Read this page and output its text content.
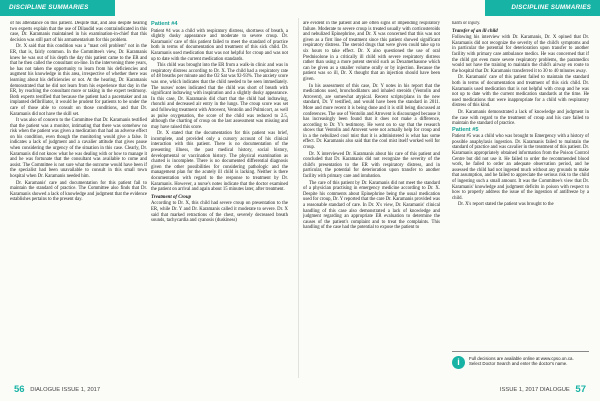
DISCIPLINE SUMMARIES	DISCIPLINE SUMMARIES

of his attendance on this patient. Despite that, and also despite hearing two experts explain that the use of Dilaudid was contraindicated in this case, Dr. Karamanis maintained in his examination-in-chief that this decision was still part of his armamentarium for this problem.

Dr. X said that this condition was a "mast cell problem" not in the ER, that is, fairly common. In the Committee's view, Dr. Karamanis knew he was out of his depth the day this patient came to the ER and that he then called the consultant on-line. In the intervening three years, he has not taken the opportunity to learn from his deficiencies and augment his knowledge in this area, irrespective of whether there was learning about his deficiencies or not. At the hearing, Dr. Karamanis demonstrated that he did not learn from his experience that day in the ER, by reaching the consultant more or taking in the expert testimony. Both experts testified that because the patient had a pacemaker and an implanted defibrillator, it would be prudent for patients to be under the care of those able to consult on those conditions, and that Dr. Karamanis did not have the skill set.

It was also of concern to the Committee that Dr. Karamanis testified that the patient was a monitor, intimating that there was somehow no risk when the patient was given a medication that had an adverse effect on his condition, even though the monitoring would give a false. It indicates a lack of judgment and a cavalier attitude that gives pause when considering the urgency of the situation in this case. Clearly, Dr. Karamanis did not know what he was dealing with or how to manage it and he was fortunate that the consultant was available to come and assist. The Committee is not sure what the outcome would have been if the specialist had been unavailable to consult in this small town hospital when Dr. Karamanis needed him.

Dr. Karamanis' care and documentation for this patient fail to maintain the standard of practice. The Committee also finds that Dr. Karamanis showed a lack of knowledge and judgment that the evidence establishes pertains to the present day.

Patient #4

Patient #4 was a child with respiratory distress, shortness of breath, a slightly dusky appearance and moderate to severe croup. Dr. Karamanis' care of this patient failed to meet the standard of practice both in terms of documentation and treatment of this sick child. Dr. Karamanis used medication that was not helpful for croup and was not up to date with the current medication standards.

This child was brought into the ER from a walk-in clinic and was in respiratory distress according to Dr. X. The child had a respiratory rate of 48 breaths per minute and the O2 Sat was 92-93%. The anxiety score was one, which indicates that the child needed to be seen immediately. The nurses' notes indicated that the child was short of breath with significant indrawing with inspiration and a slightly dusky appearance. In this case, Dr. Karamanis did chart that the child had indrawing, rhonchi and decreased air entry in the lungs. The croup score was set and following treatment with Atrovent, Ventolin and Pulmicort, as well as pulse oxygenation, the score of the child was reduced to 2.5, although the charting of croup on the last assessment was missing and may have raised this score.

Dr. X stated that the documentation for this patient was brief, incomplete, and provided only a cursory account of his clinical interaction with this patient. There is no documentation of the presenting illness, the past medical history, social history, developmental or vaccination history. The physical examination as charted is incomplete. There is no documented differential diagnosis given the other possibilities for considering pathologic and the management plan for the acutely ill child is lacking. Neither is there documentation with regard to the response to treatment by Dr. Karamanis. However, a nurse's notes indicate that the doctor examined the patient on arrival and again about 15 minutes later, after treatment.

Treatment of Croup

According to Dr. X, this child had severe croup on presentation to the ER, while Dr. Y and Dr. Karamanis called it moderate to severe. Dr. X said that marked retractions of the chest, severely decreased breath sounds, tachycardia and cyanosis (duskiness)

are evident in the patient and are often signs of impending respiratory failure. Moderate to severe croup is treated usually with corticosteroids and nebulized Epinephrine, and Dr. X was concerned that this was not given as a first line of treatment since this patient showed significant respiratory distress. The steroid drugs that were given could take up to six hours to take effect. Dr. X also questioned the use of oral Prednisolone in a critically ill child with severe respiratory distress rather than using a more potent steroid such as Dexamethasone which can be given as a smaller volume orally or by injection. Because the patient was so ill, Dr. X thought that an injection should have been given.

In his assessment of this case, Dr. Y notes in his report that the medications used, bronchodilators and inhaled steroids (Ventolin and Atrovent), are somewhat atypical. Recent scripts/plans in the new standard, Dr. Y testified, and would have been the standard in 2011. More and more recent it is being done and it is still being discussed at conferences. The use of Ventolin and Atrovent is discouraged because it has increasingly been found that it does not make a difference, according to Dr. Y's testimony. He went on to say that the research shows that Ventolin and Atrovent were not actually help for croup and in a the nebulized cool mist that it is administered is what has some effect. Dr. Karamanis also said that the cool mist itself worked well for croup.

Dr. X interviewed Dr. Karamanis about his care of this patient and concluded that Dr. Karamanis did not recognize the severity of the child's presentation to the ER with respiratory distress, and in particular, the potential for deterioration upon transfer to another facility with primary care and intubation.

The care of this patient by Dr. Karamanis did not meet the standard of a physician practising in emergency medicine according to Dr. X. Despite his comments about Epinephrine being the usual medication used for croup, Dr. Y reported that the care Dr. Karamanis provided was a reasonable standard of care. In Dr. X's view, Dr. Karamanis' clinical handling of this case also demonstrated a lack of knowledge and judgment regarding an appropriate ER evaluation to determine the causes of the patient's complaint and to treat the complaints. This handling of the case had the potential to expose the patient to

harm or injury.

Transfer of an ill child

Following his interview with Dr. Karamanis, Dr. X opined that Dr. Karamanis did not recognize the severity of the child's symptoms and in particular the potential for deterioration upon transfer to another facility with primary care ambulance medics. He was concerned that if the child got even more severe respiratory problems, the paramedics would not have the training to maintain the child's airway en route to the hospital that Dr. Karamanis transferred it to 30 to 40 minutes away.

Dr. Karamanis' care of this patient failed to maintain the standard both in terms of documentation and treatment of this sick child. Dr. Karamanis used medication that is not helpful with croup and he was not up to date with the current medication standards at the time. He used medications that were inappropriate for a child with respiratory distress of this kind.

Dr. Karamanis demonstrated a lack of knowledge and judgment in the case with regard to the treatment of croup and his care failed to maintain the standard of practice.

Patient #5

Patient #5 was a child who was brought to Emergency with a history of possible anaphylaxis ingestion. Dr. Karamanis failed to maintain the standard of practice and was cavalier in the treatment of this patient. Dr. Karamanis appropriately obtained information from the Poison Control Centre but did not use it. He failed to order the recommended blood work, he failed to order an adequate observation period, and he assessed the child had not ingested much without any grounds to make that assumption, and he failed to appreciate the serious risk to the child of ingesting such a small amount. It was the Committee's view that Dr. Karamanis' knowledge and judgment deficits in poison with respect to how to properly address the issue of the ingestion of antifreeze by a child.

Dr. X's report stated the patient was brought to the

i	Full decisions are available online at www.cpso.on.ca. Select Doctor Search and enter the doctor's name.
56 DIALOGUE ISSUE 1, 2017	ISSUE 1, 2017 DIALOGUE 57
